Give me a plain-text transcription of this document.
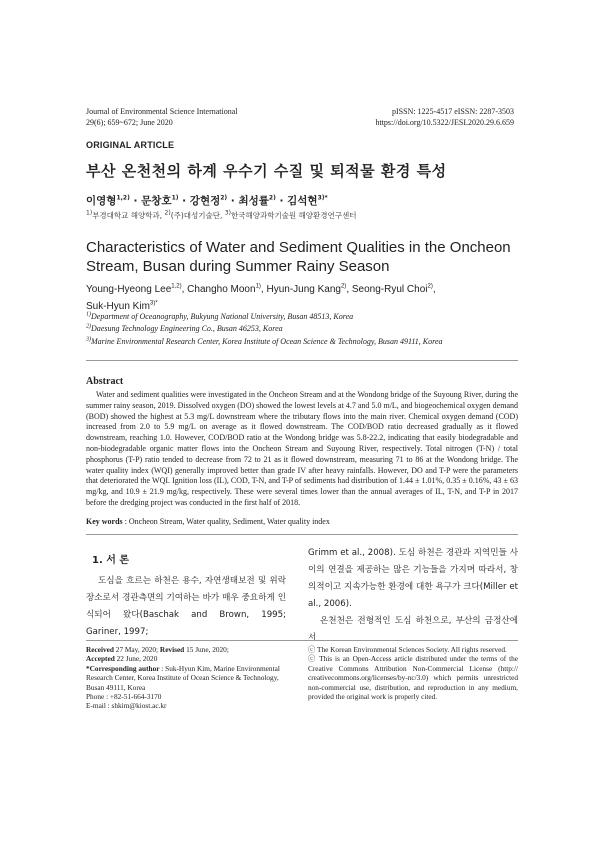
Journal of Environmental Science International
29(6); 659~672; June 2020
pISSN: 1225-4517 eISSN: 2287-3503
https://doi.org/10.5322/JESI.2020.29.6.659
ORIGINAL ARTICLE
부산 온천천의 하계 우수기 수질 및 퇴적물 환경 특성
이영형$^{1,2)}$ · 문창호$^{1)}$ · 강현정$^{2)}$ · 최성률$^{2)}$ · 김석현$^{3)*}$
$^{1)}$부경대학교 해양학과, $^{2)}$(주)대성기술단, $^{3)}$한국해양과학기술원 해양환경연구센터
Characteristics of Water and Sediment Qualities in the Oncheon Stream, Busan during Summer Rainy Season
Young-Hyeong Lee$^{1,2)}$, Changho Moon$^{1)}$, Hyun-Jung Kang$^{2)}$, Seong-Ryul Choi$^{2)}$,
Suk-Hyun Kim$^{3)*}$
$^{1)}$Department of Oceanography, Bukyung National University, Busan 48513, Korea
$^{2)}$Daesung Technology Engineering Co., Busan 46253, Korea
$^{3)}$Marine Environmental Research Center, Korea Institute of Ocean Science & Technology, Busan 49111, Korea
Abstract
Water and sediment qualities were investigated in the Oncheon Stream and at the Wondong bridge of the Suyoung River, during the summer rainy season, 2019. Dissolved oxygen (DO) showed the lowest levels at 4.7 and 5.0 m/L, and biogeochemical oxygen demand (BOD) showed the highest at 5.3 mg/L downstream where the tributary flows into the main river. Chemical oxygen demand (COD) increased from 2.0 to 5.9 mg/L on average as it flowed downstream. The COD/BOD ratio decreased gradually as it flowed downstream, reaching 1.0. However, COD/BOD ratio at the Wondong bridge was 5.8-22.2, indicating that easily biodegradable and non-biodegradable organic matter flows into the Oncheon Stream and Suyoung River, respectively. Total nitrogen (T-N) / total phosphorus (T-P) ratio tended to decrease from 72 to 21 as it flowed downstream, measuring 71 to 86 at the Wondong bridge. The water quality index (WQI) generally improved better than grade IV after heavy rainfalls. However, DO and T-P were the parameters that deteriorated the WQI. Ignition loss (IL), COD, T-N, and T-P of sediments had distribution of 1.44 ± 1.01%, 0.35 ± 0.16%, 43 ± 63 mg/kg, and 10.9 ± 21.9 mg/kg, respectively. These were several times lower than the annual averages of IL, T-N, and T-P in 2017 before the dredging project was conducted in the first half of 2018.
Key words : Oncheon Stream, Water quality, Sediment, Water quality index
1. 서 론
도심을 흐르는 하천은 용수, 자연생태보전 및 위락장소로서 경관측면의 기여하는 바가 매우 중요하게 인식되어 왔다(Baschak and Brown, 1995; Gariner, 1997;

Grimm et al., 2008). 도심 하천은 경관과 지역민들 사이의 연결을 제공하는 많은 기능들을 가지며 따라서, 창의적이고 지속가능한 환경에 대한 욕구가 크다(Miller et al., 2006).

온천천은 전형적인 도심 하천으로, 부산의 금정산에서

Received 27 May, 2020; Revised 15 June, 2020;
Accepted 22 June, 2020
*Corresponding author : Suk-Hyun Kim, Marine Environmental Research Center, Korea Institute of Ocean Science & Technology, Busan 49111, Korea
Phone : +82-51-664-3170
E-mail : shkim@kiost.ac.kr
ⓒ The Korean Environmental Sciences Society. All rights reserved.
ⓒ This is an Open-Access article distributed under the terms of the Creative Commons Attribution Non-Commercial License (http:// creativecommons.org/licenses/by-nc/3.0) which permits unrestricted non-commercial use, distribution, and reproduction in any medium, provided the original work is properly cited.
